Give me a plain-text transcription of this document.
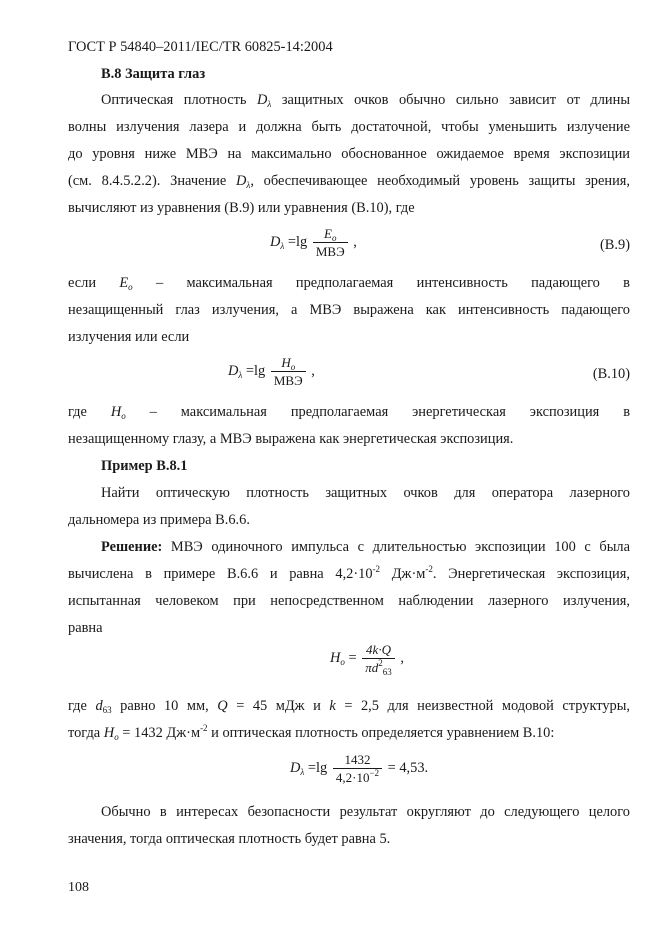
ГОСТ Р 54840–2011/IEC/TR 60825-14:2004
В.8 Защита глаз
Оптическая плотность $D_\lambda$ защитных очков обычно сильно зависит от длины
волны излучения лазера и должна быть достаточной, чтобы уменьшить излучение
до уровня ниже МВЭ на максимально обоснованное ожидаемое время экспозиции
(см. 8.4.5.2.2). Значение $D_\lambda$, обеспечивающее необходимый уровень защиты зрения,
вычисляют из уравнения (В.9) или уравнения (В.10), где
$D_\lambda =\lg \frac{E_o}{\text{МВЭ}}$ ,	(В.9)
если $E_o$ – максимальная предполагаемая интенсивность падающего в
незащищенный глаз излучения, а МВЭ выражена как интенсивность падающего
излучения или если
$D_\lambda =\lg \frac{H_o}{\text{МВЭ}}$ ,	(В.10)
где $H_o$ – максимальная предполагаемая энергетическая экспозиция в
незащищенному глазу, а МВЭ выражена как энергетическая экспозиция.
Пример В.8.1
Найти оптическую плотность защитных очков для оператора лазерного
дальномера из примера В.6.6.
Решение: МВЭ одиночного импульса с длительностью экспозиции 100 с была
вычислена в примере В.6.6 и равна $4,2\cdot 10^{-2}$ $Дж\cdot м^{-2}$. Энергетическая экспозиция,
испытанная человеком при непосредственном наблюдении лазерного излучения,
равна
$H_o = \frac{4k\cdot Q}{\pi d^2_{63}}$ ,
где $d_{63}$ равно 10 мм, Q = 45 мДж и k = 2,5 для неизвестной модовой структуры,
тогда $H_o = 1432$ $Дж\cdot м^{-2}$ и оптическая плотность определяется уравнением В.10:
$D_\lambda =\lg \frac{1432}{4,2\cdot 10^{-2}} = 4,53$.
Обычно в интересах безопасности результат округляют до следующего целого
значения, тогда оптическая плотность будет равна 5.
108
